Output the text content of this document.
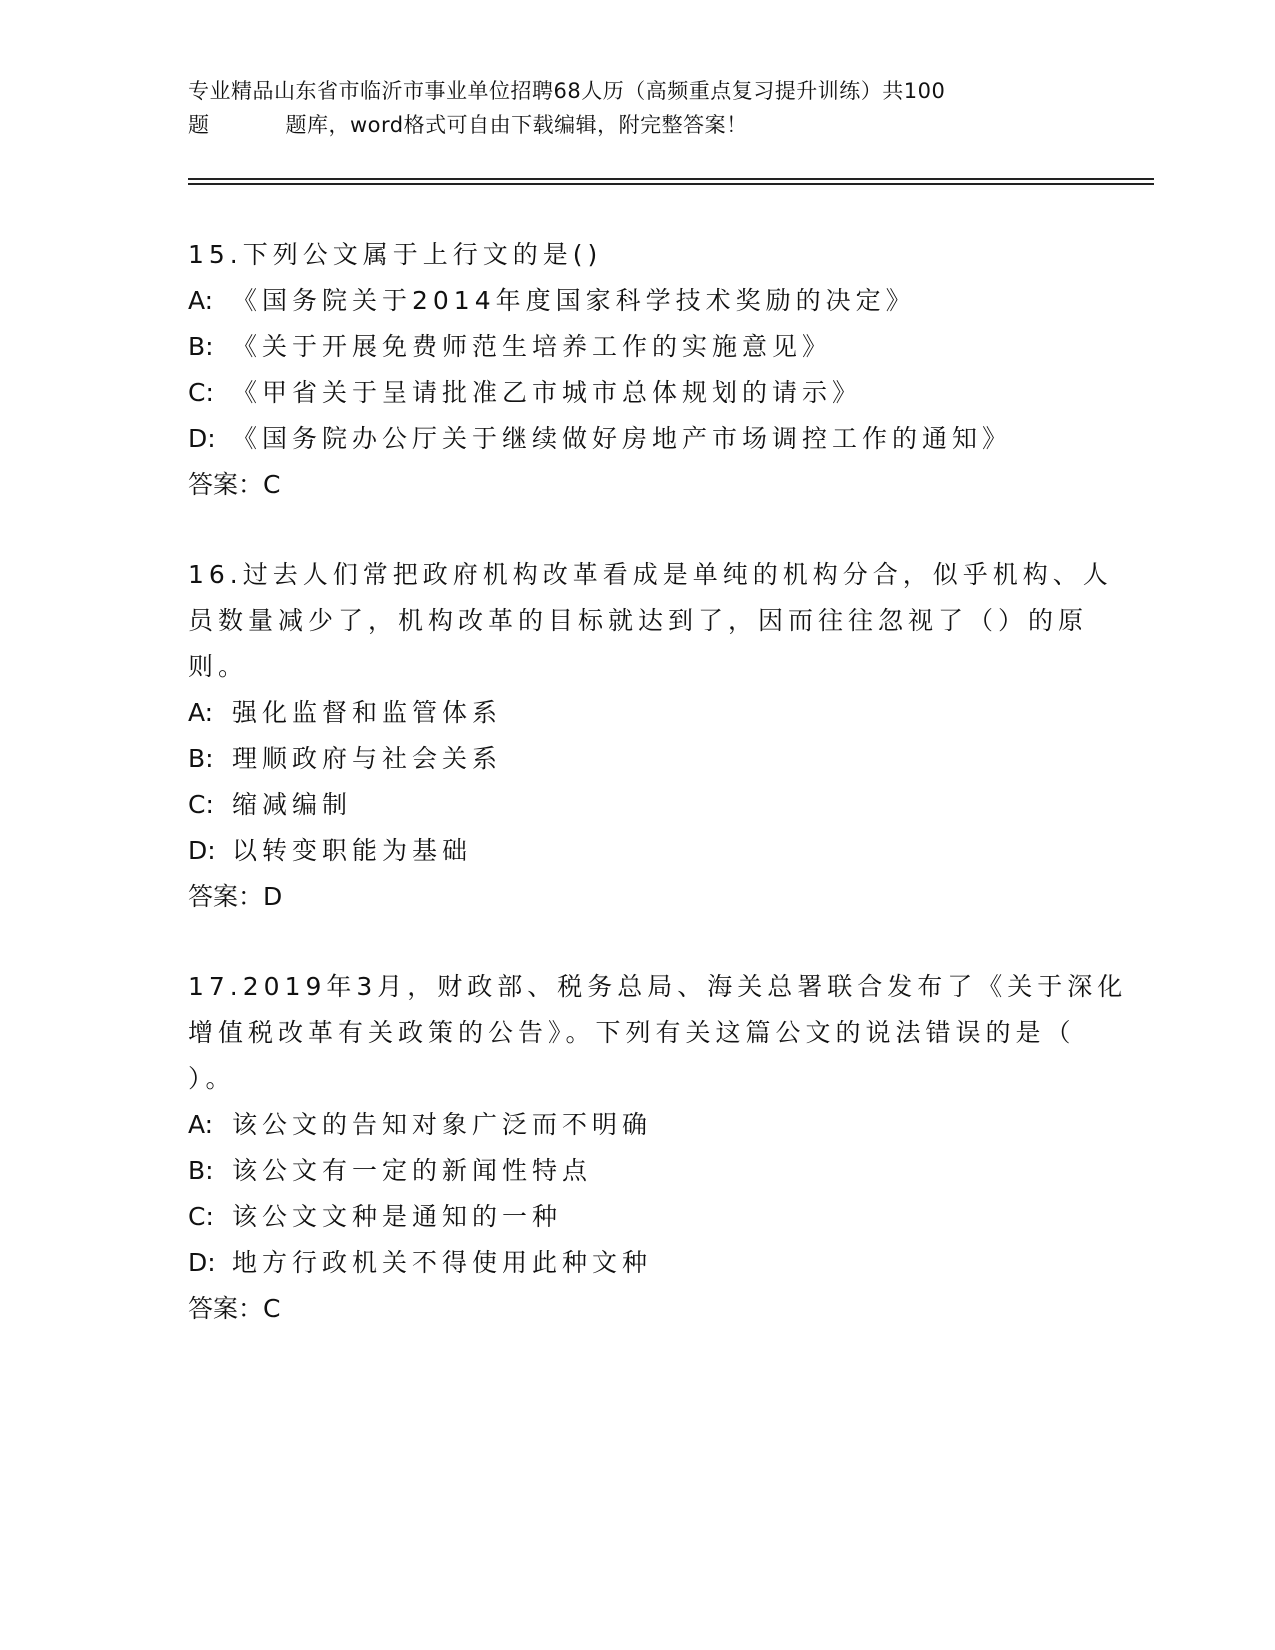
专业精品山东省市临沂市事业单位招聘68人历（高频重点复习提升训练）共100
题	题库，word格式可自由下载编辑，附完整答案！
15.下列公文属于上行文的是()
A: 《国务院关于2014年度国家科学技术奖励的决定》
B: 《关于开展免费师范生培养工作的实施意见》
C: 《甲省关于呈请批准乙市城市总体规划的请示》
D: 《国务院办公厅关于继续做好房地产市场调控工作的通知》
答案：C
16.过去人们常把政府机构改革看成是单纯的机构分合，似乎机构、人
员数量减少了，机构改革的目标就达到了，因而往往忽视了（）的原
则。
A: 强化监督和监管体系
B: 理顺政府与社会关系
C: 缩减编制
D: 以转变职能为基础
答案：D
17.2019年3月，财政部、税务总局、海关总署联合发布了《关于深化
增值税改革有关政策的公告》。下列有关这篇公文的说法错误的是（
）。
A: 该公文的告知对象广泛而不明确
B: 该公文有一定的新闻性特点
C: 该公文文种是通知的一种
D: 地方行政机关不得使用此种文种
答案：C
